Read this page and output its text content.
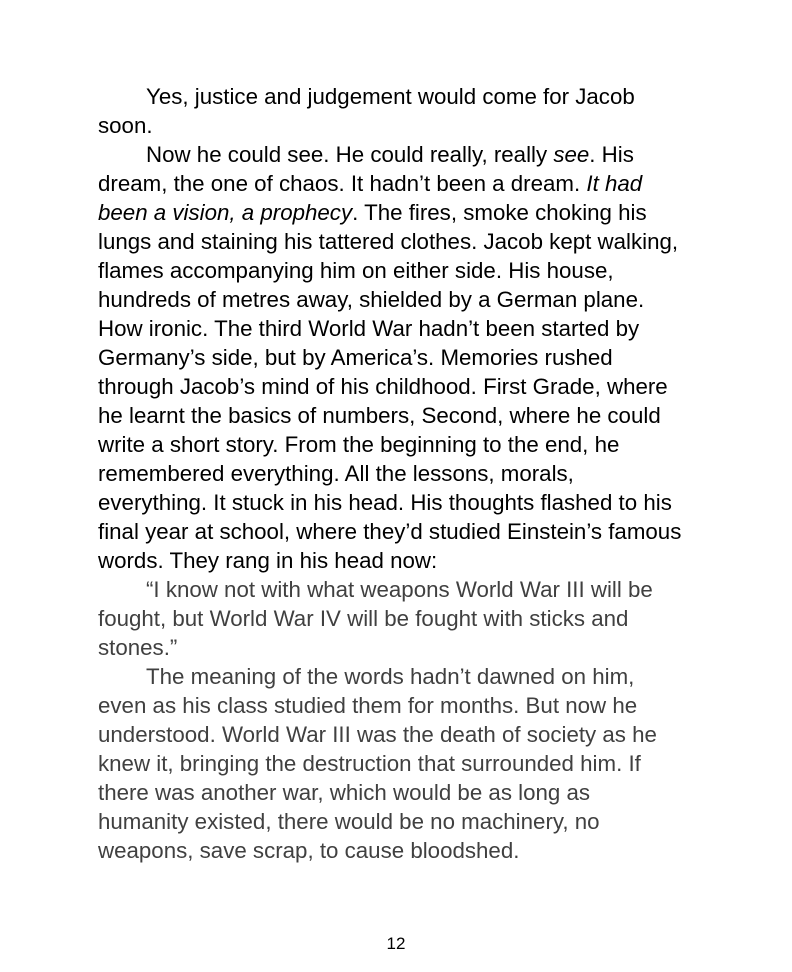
Yes, justice and judgement would come for Jacob soon.

Now he could see. He could really, really see. His dream, the one of chaos. It hadn’t been a dream. It had been a vision, a prophecy. The fires, smoke choking his lungs and staining his tattered clothes. Jacob kept walking, flames accompanying him on either side. His house, hundreds of metres away, shielded by a German plane. How ironic. The third World War hadn’t been started by Germany’s side, but by America’s. Memories rushed through Jacob’s mind of his childhood. First Grade, where he learnt the basics of numbers, Second, where he could write a short story. From the beginning to the end, he remembered everything. All the lessons, morals, everything. It stuck in his head. His thoughts flashed to his final year at school, where they’d studied Einstein’s famous words. They rang in his head now:

“I know not with what weapons World War III will be fought, but World War IV will be fought with sticks and stones.”

The meaning of the words hadn’t dawned on him, even as his class studied them for months. But now he understood. World War III was the death of society as he knew it, bringing the destruction that surrounded him. If there was another war, which would be as long as humanity existed, there would be no machinery, no weapons, save scrap, to cause bloodshed.

12
